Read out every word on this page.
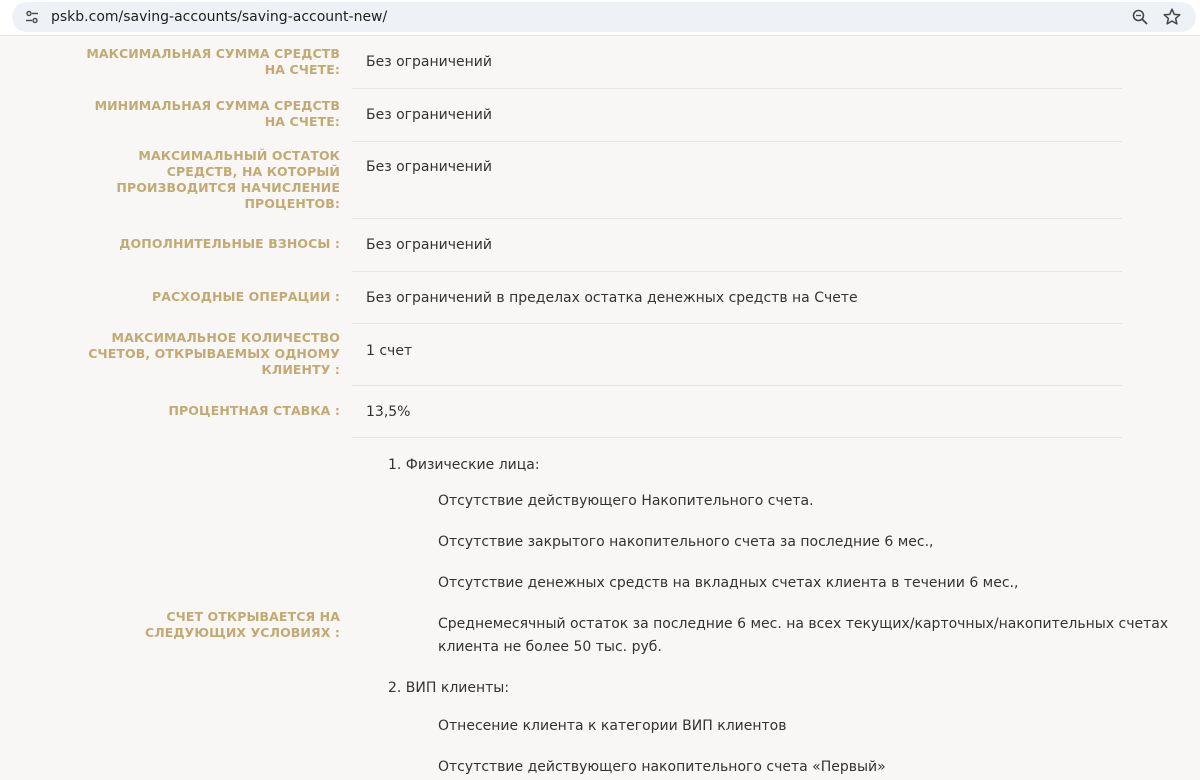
pskb.com/saving-accounts/saving-account-new/
МАКСИМАЛЬНАЯ СУММА СРЕДСТВ
НА СЧЕТЕ: Без ограничений
МИНИМАЛЬНАЯ СУММА СРЕДСТВ
НА СЧЕТЕ: Без ограничений
МАКСИМАЛЬНЫЙ ОСТАТОК
СРЕДСТВ, НА КОТОРЫЙ
ПРОИЗВОДИТСЯ НАЧИСЛЕНИЕ
ПРОЦЕНТОВ:
Без ограничений
ДОПОЛНИТЕЛЬНЫЕ ВЗНОСЫ : Без ограничений
РАСХОДНЫЕ ОПЕРАЦИИ : Без ограничений в пределах остатка денежных средств на Счете
МАКСИМАЛЬНОЕ КОЛИЧЕСТВО
СЧЕТОВ, ОТКРЫВАЕМЫХ ОДНОМУ
КЛИЕНТУ :
1 счет
ПРОЦЕНТНАЯ СТАВКА : 13,5%
СЧЕТ ОТКРЫВАЕТСЯ НА
СЛЕДУЮЩИХ УСЛОВИЯХ :
1. Физические лица:
Отсутствие действующего Накопительного счета.
Отсутствие закрытого накопительного счета за последние 6 мес.,
Отсутствие денежных средств на вкладных счетах клиента в течении 6 мес.,
Среднемесячный остаток за последние 6 мес. на всех текущих/карточных/накопительных счетах
клиента не более 50 тыс. руб.
2. ВИП клиенты:
Отнесение клиента к категории ВИП клиентов
Отсутствие действующего накопительного счета «Первый»
